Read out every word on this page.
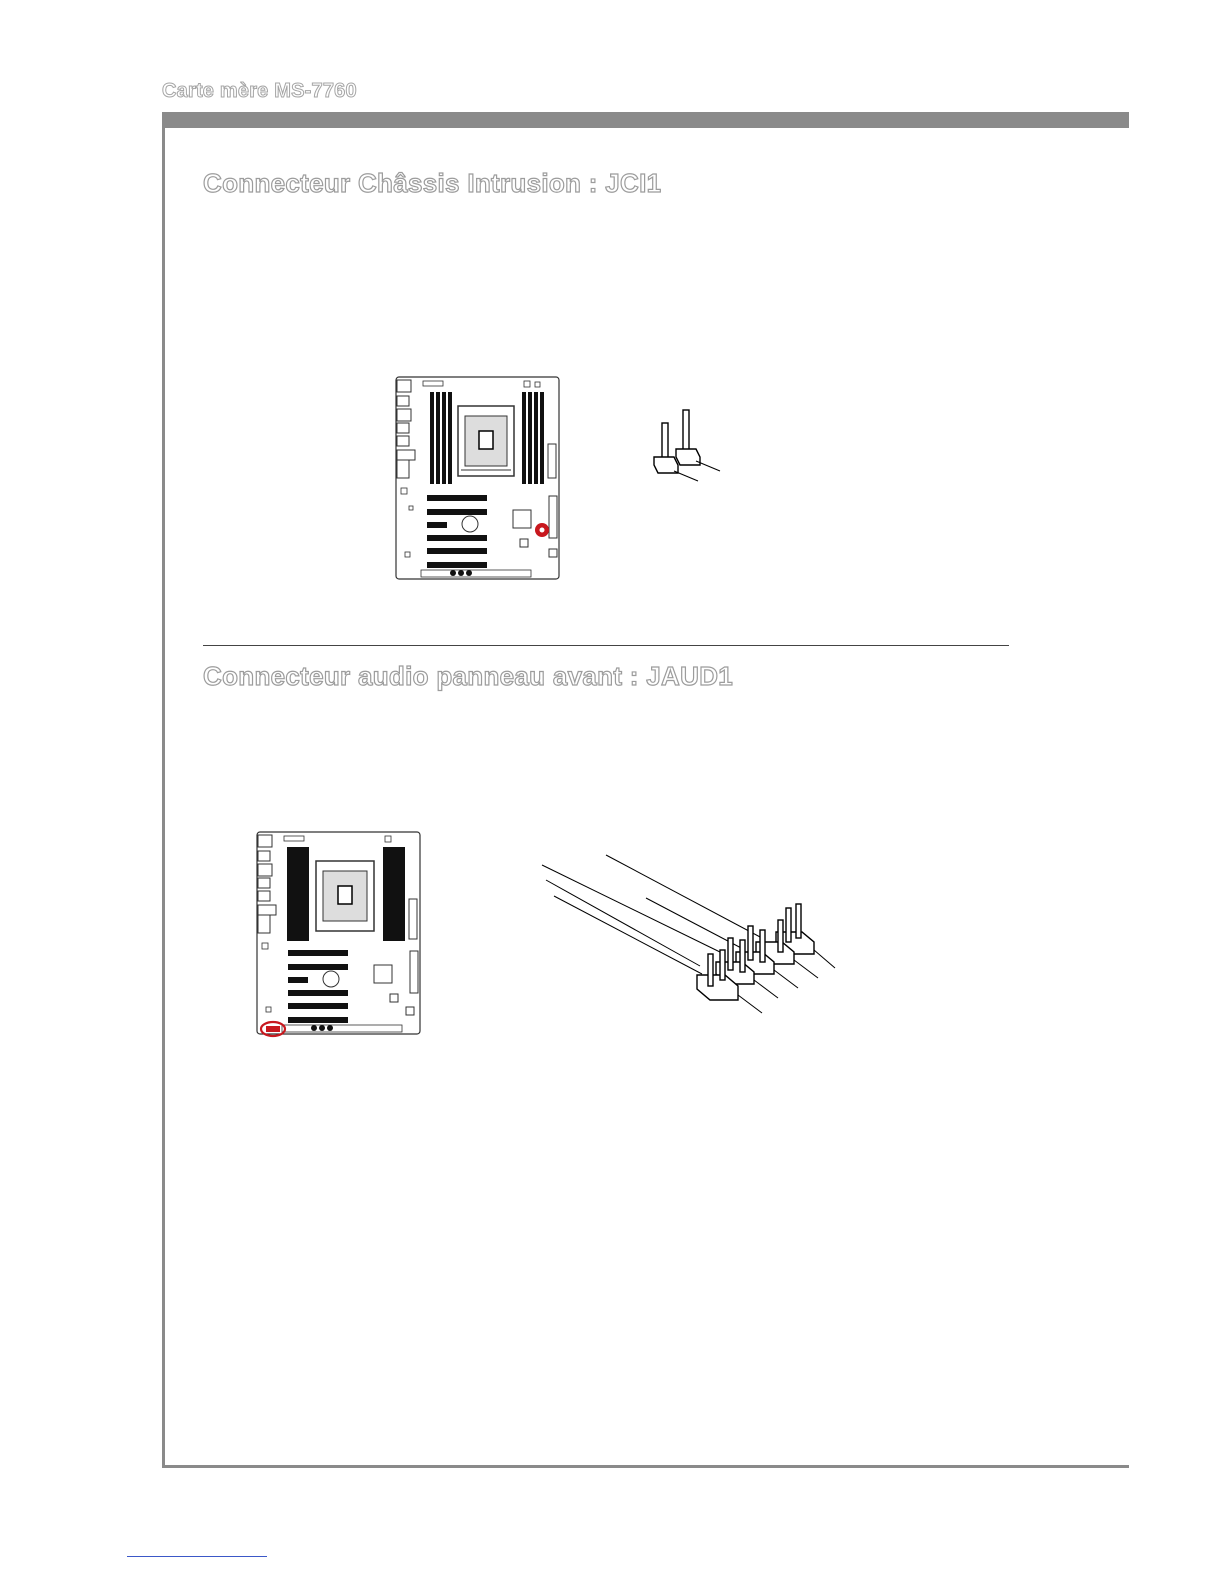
Carte mère MS-7760
Connecteur Châssis Intrusion : JCI1
Connecteur audio panneau avant : JAUD1
